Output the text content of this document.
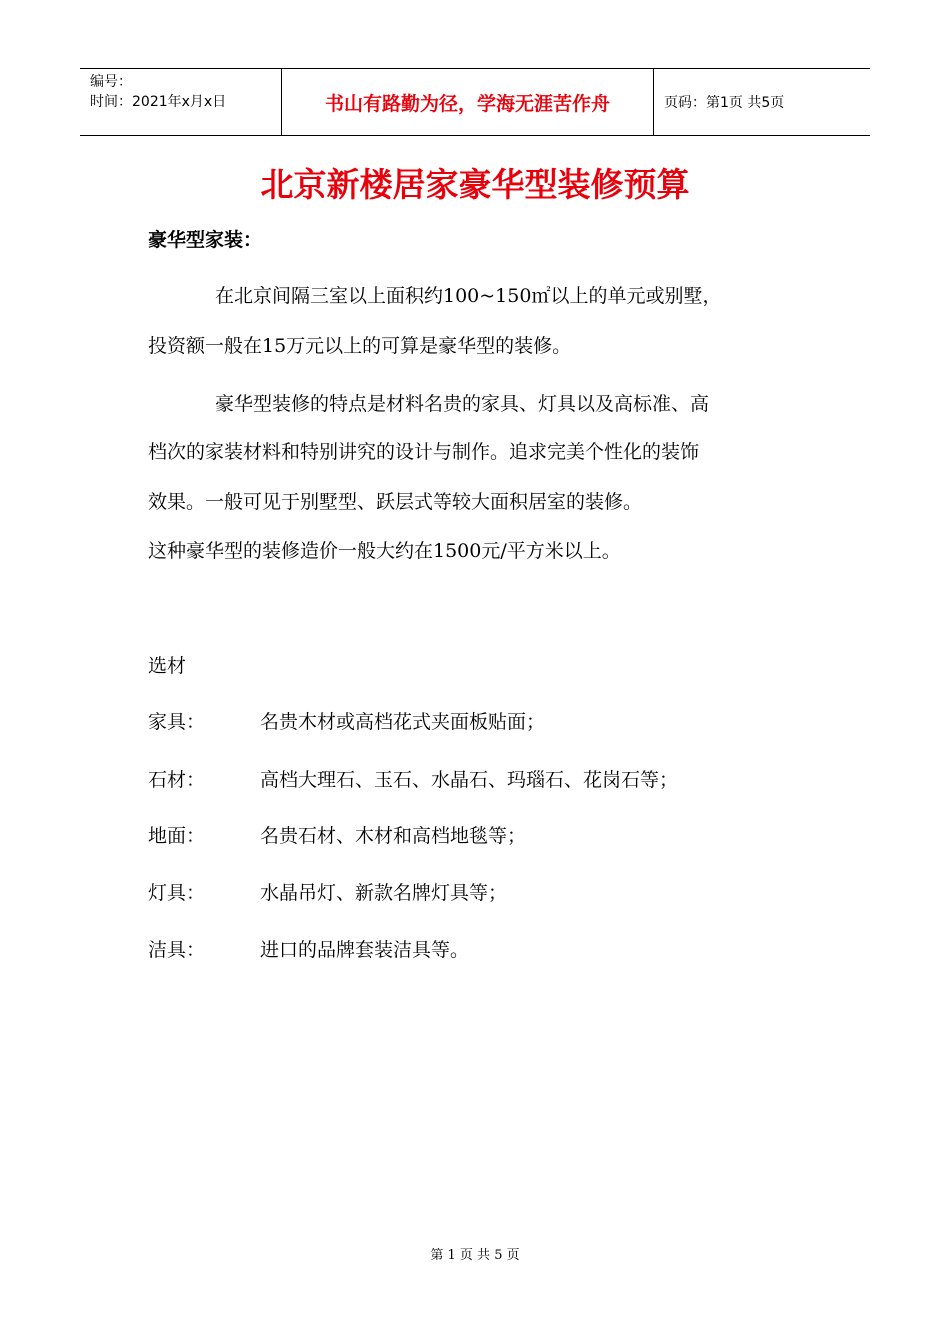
编号：
时间：2021年x月x日	书山有路勤为径，学海无涯苦作舟	页码：第1页 共5页
北京新楼居家豪华型装修预算
豪华型家装：
在北京间隔三室以上面积约100~150㎡以上的单元或别墅，
投资额一般在15万元以上的可算是豪华型的装修。
豪华型装修的特点是材料名贵的家具、灯具以及高标准、高
档次的家装材料和特别讲究的设计与制作。追求完美个性化的装饰
效果。一般可见于别墅型、跃层式等较大面积居室的装修。
这种豪华型的装修造价一般大约在1500元/平方米以上。
选材
家具：	名贵木材或高档花式夹面板贴面；
石材：	高档大理石、玉石、水晶石、玛瑙石、花岗石等；
地面：	名贵石材、木材和高档地毯等；
灯具：	水晶吊灯、新款名牌灯具等；
洁具：	进口的品牌套装洁具等。
第 1 页 共 5 页
